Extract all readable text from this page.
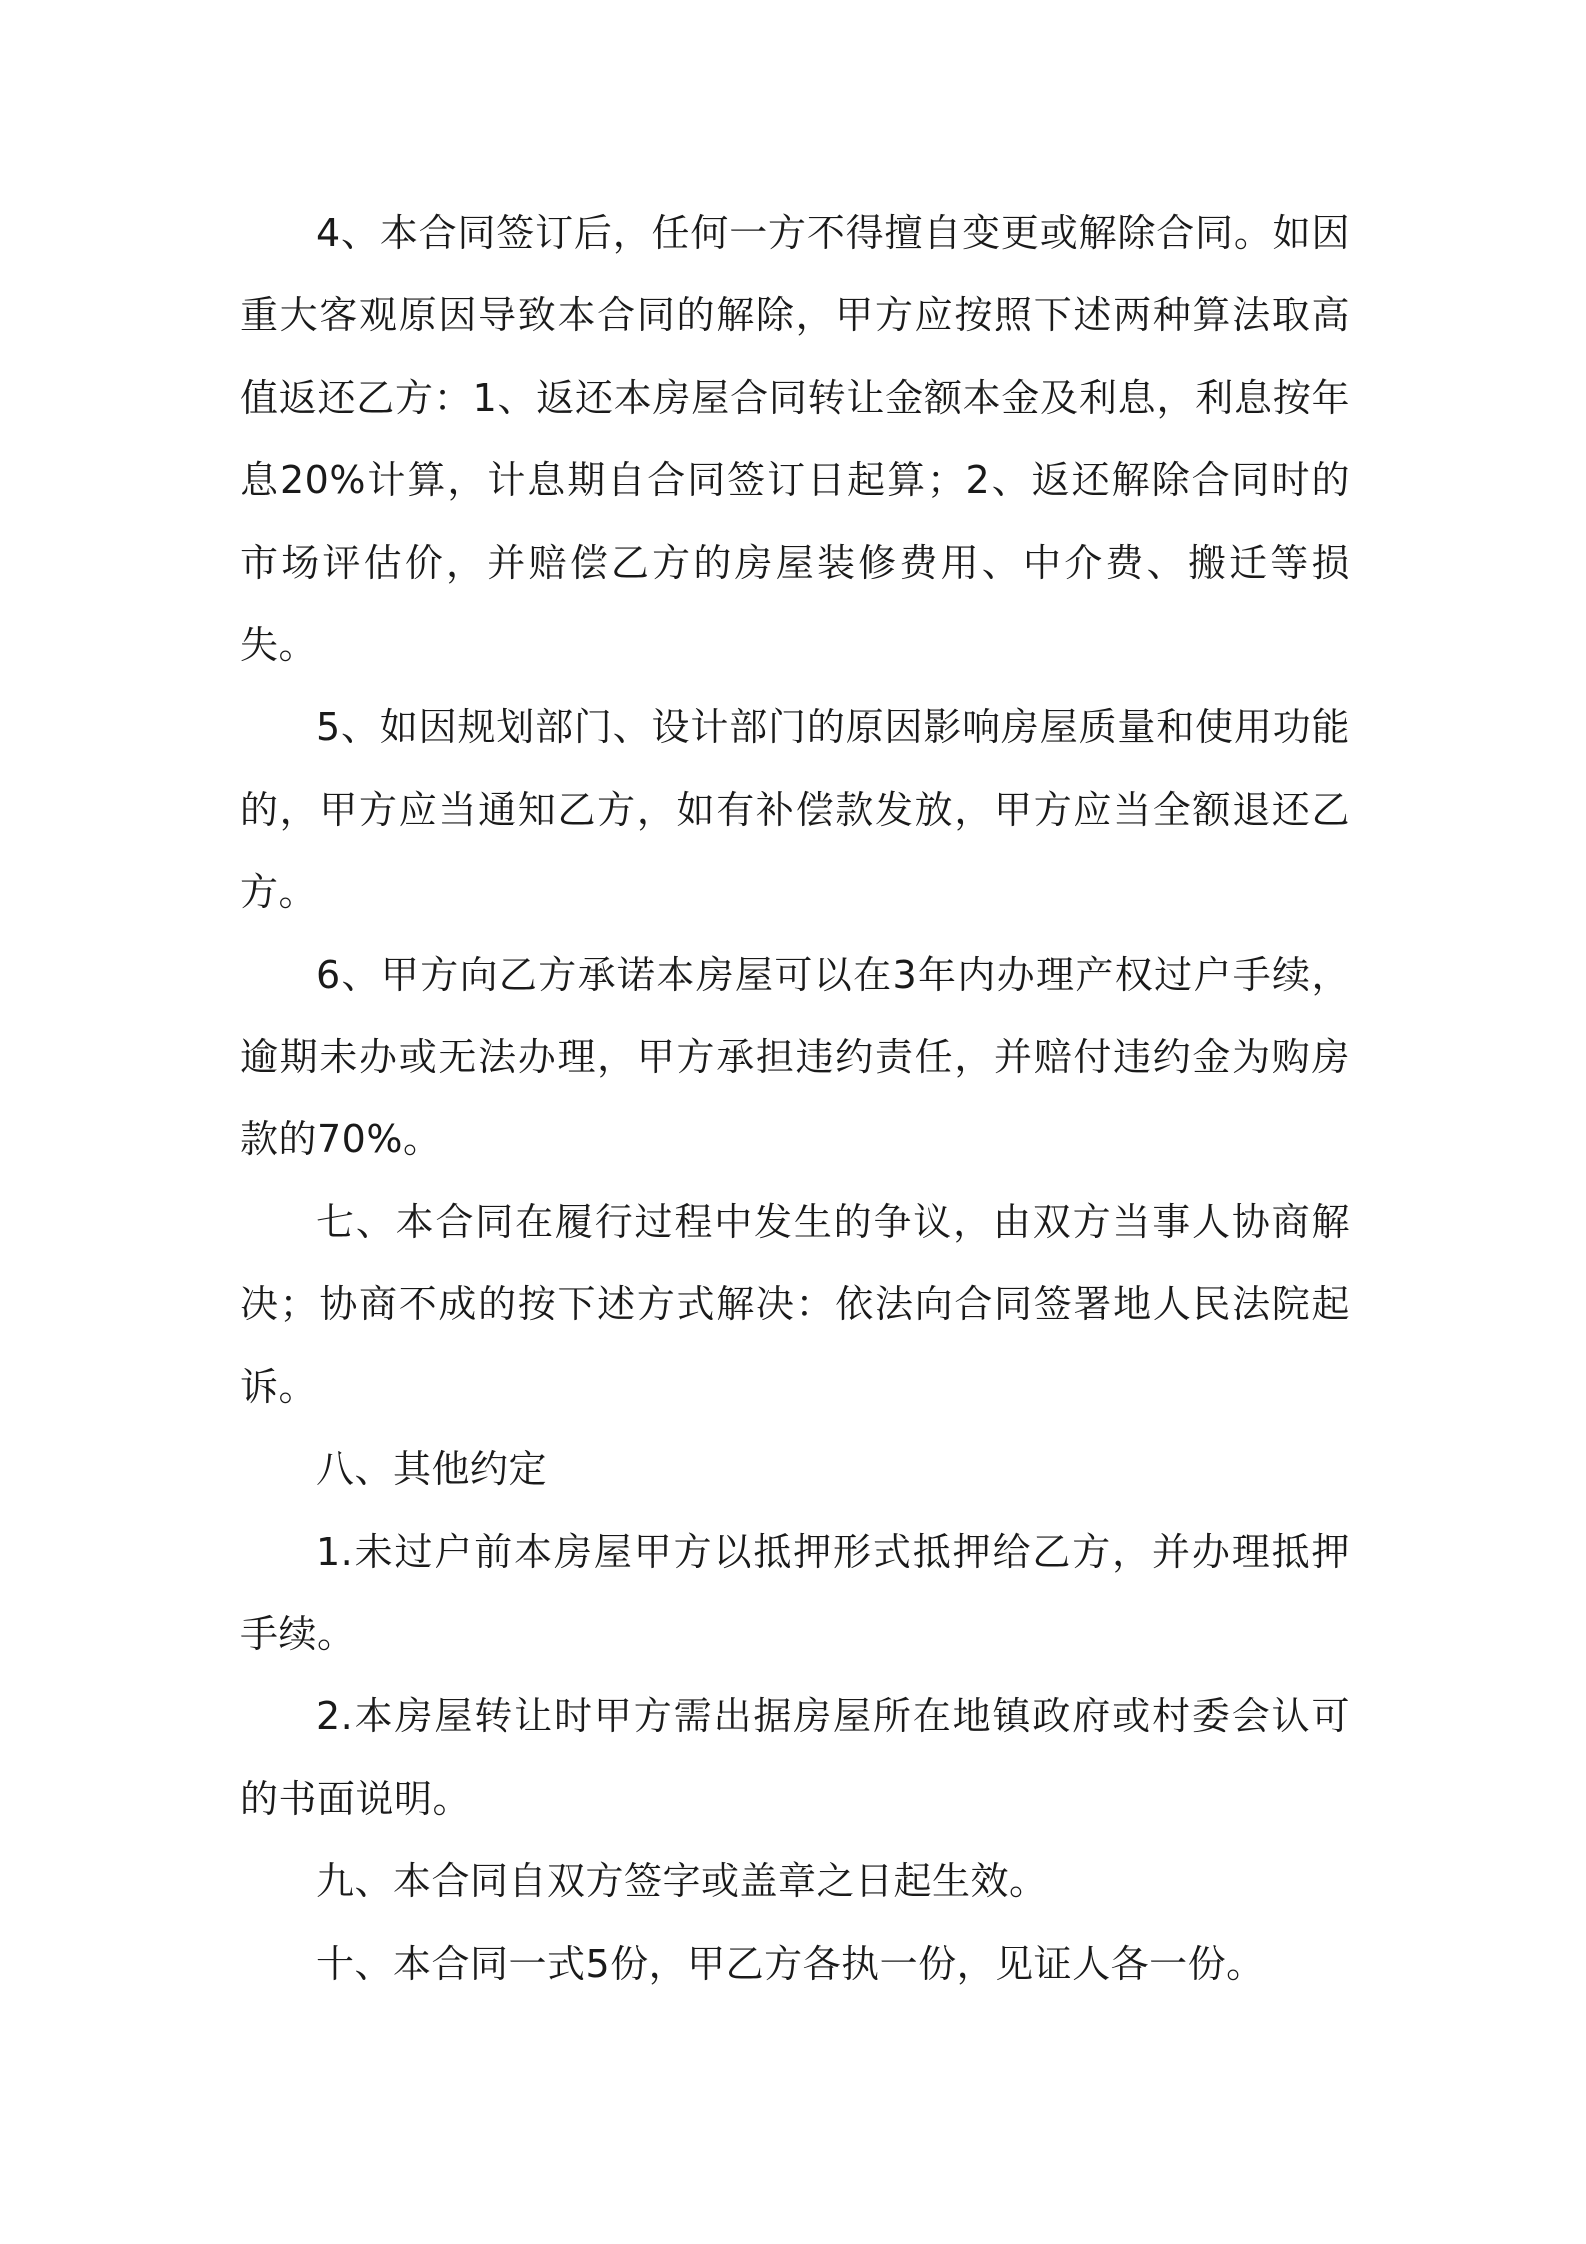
4、本合同签订后，任何一方不得擅自变更或解除合同。如因重大客观原因导致本合同的解除，甲方应按照下述两种算法取高值返还乙方：1、返还本房屋合同转让金额本金及利息，利息按年息20%计算，计息期自合同签订日起算；2、返还解除合同时的市场评估价，并赔偿乙方的房屋装修费用、中介费、搬迁等损失。

5、如因规划部门、设计部门的原因影响房屋质量和使用功能的，甲方应当通知乙方，如有补偿款发放，甲方应当全额退还乙方。

6、甲方向乙方承诺本房屋可以在3年内办理产权过户手续，逾期未办或无法办理，甲方承担违约责任，并赔付违约金为购房款的70%。

七、本合同在履行过程中发生的争议，由双方当事人协商解决；协商不成的按下述方式解决：依法向合同签署地人民法院起诉。

八、其他约定

1.未过户前本房屋甲方以抵押形式抵押给乙方，并办理抵押手续。

2.本房屋转让时甲方需出据房屋所在地镇政府或村委会认可的书面说明。

九、本合同自双方签字或盖章之日起生效。

十、本合同一式5份，甲乙方各执一份，见证人各一份。
